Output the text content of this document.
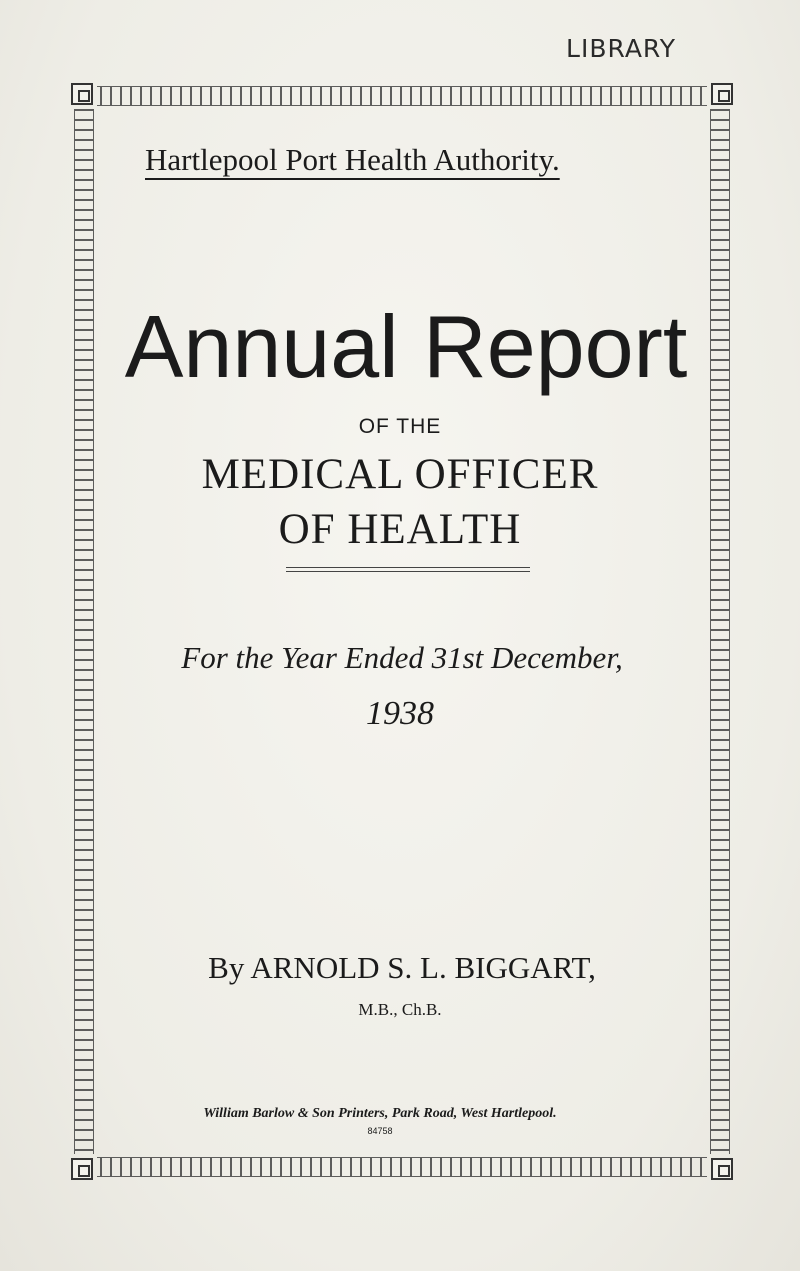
LIBRARY
Hartlepool Port Health Authority.
Annual Report
OF THE
MEDICAL OFFICER
OF HEALTH
For the Year Ended 31st December,
1938
By ARNOLD S. L. BIGGART,
M.B., Ch.B.
William Barlow & Son Printers, Park Road, West Hartlepool.
84758
